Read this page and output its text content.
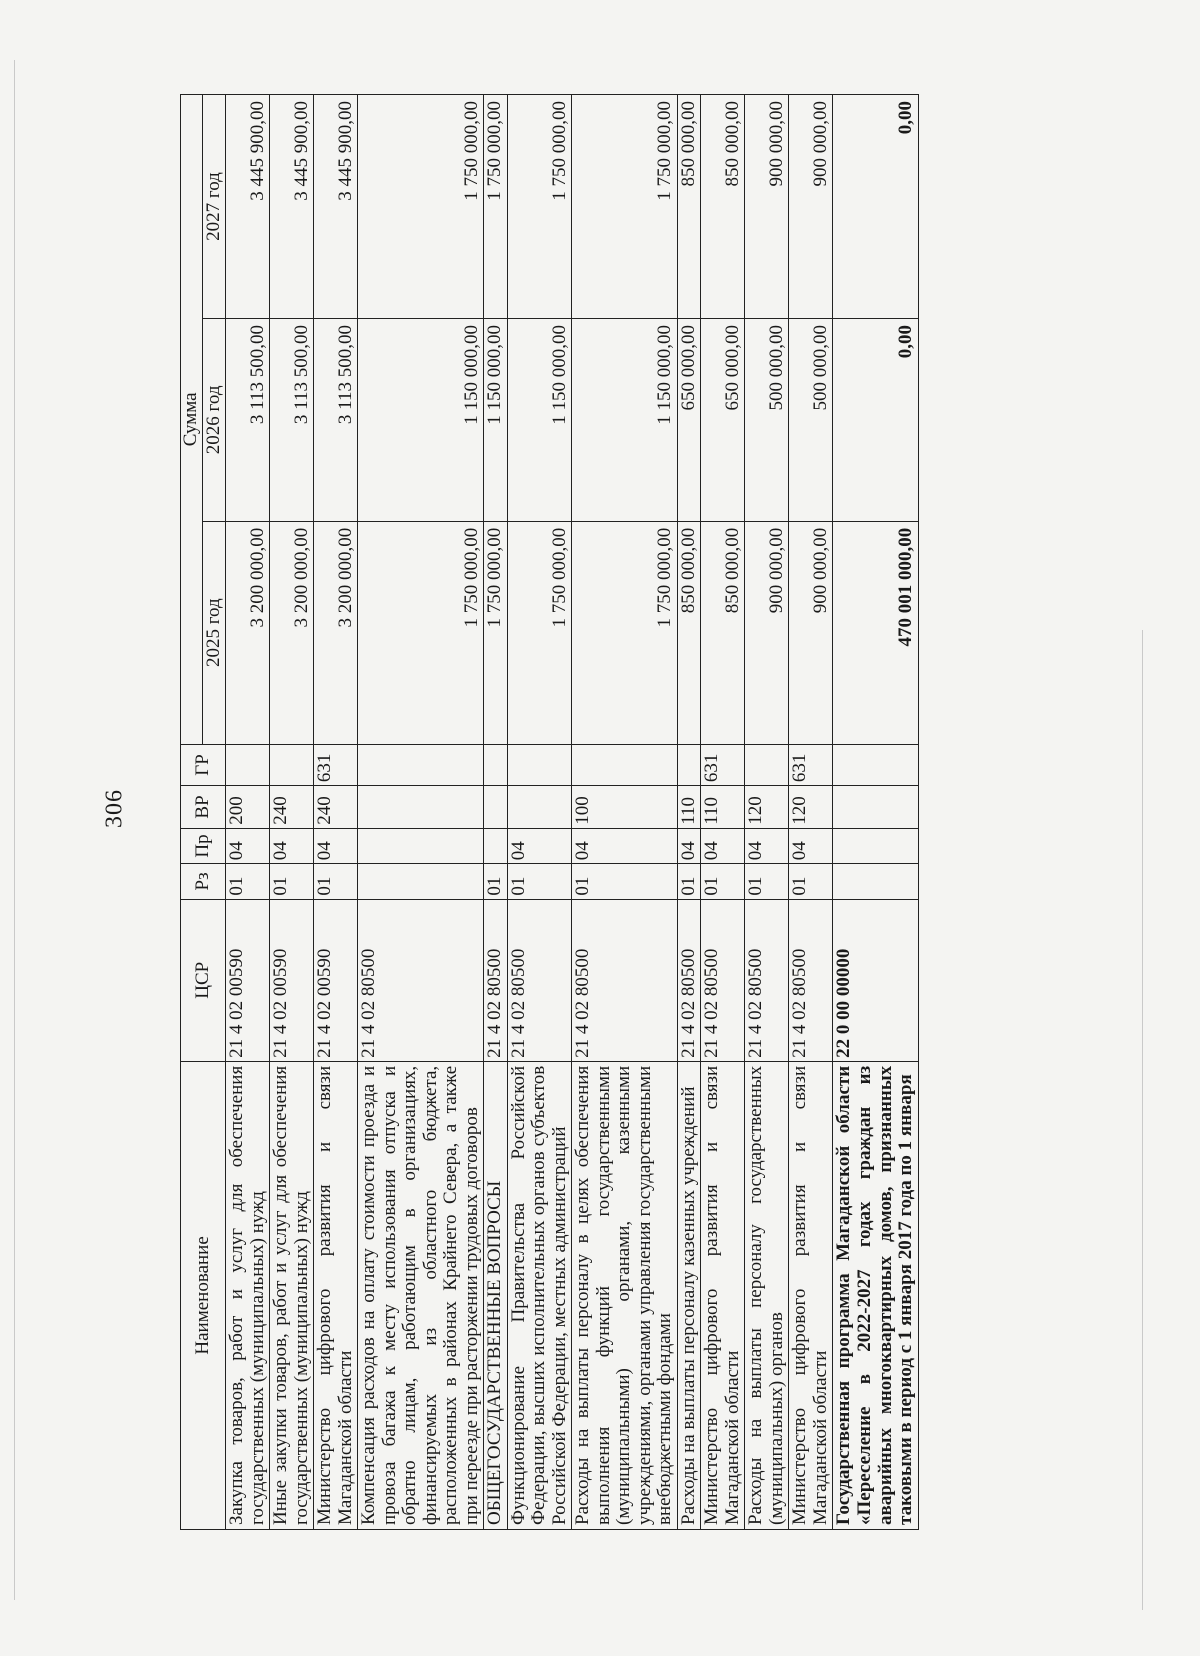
306
Наименование	ЦСР	Рз	Пр	ВР	ГР	Сумма		
						2025 год	2026 год	2027 год
Закупка товаров, работ и услуг для обеспечения государственных (муниципальных) нужд	21 4 02 00590	01	04	200		3 200 000,00	3 113 500,00	3 445 900,00
Иные закупки товаров, работ и услуг для обеспечения государственных (муниципальных) нужд	21 4 02 00590	01	04	240		3 200 000,00	3 113 500,00	3 445 900,00
Министерство цифрового развития и связи Магаданской области	21 4 02 00590	01	04	240	631	3 200 000,00	3 113 500,00	3 445 900,00
Компенсация расходов на оплату стоимости проезда и провоза багажа к месту использования отпуска и обратно лицам, работающим в организациях, финансируемых из областного бюджета, расположенных в районах Крайнего Севера, а также при переезде при расторжении трудовых договоров	21 4 02 80500					1 750 000,00	1 150 000,00	1 750 000,00
ОБЩЕГОСУДАРСТВЕННЫЕ ВОПРОСЫ	21 4 02 80500	01				1 750 000,00	1 150 000,00	1 750 000,00
Функционирование Правительства Российской Федерации, высших исполнительных органов субъектов Российской Федерации, местных администраций	21 4 02 80500	01	04			1 750 000,00	1 150 000,00	1 750 000,00
Расходы на выплаты персоналу в целях обеспечения выполнения функций государственными (муниципальными) органами, казенными учреждениями, органами управления государственными внебюджетными фондами	21 4 02 80500	01	04	100		1 750 000,00	1 150 000,00	1 750 000,00
Расходы на выплаты персоналу казенных учреждений	21 4 02 80500	01	04	110		850 000,00	650 000,00	850 000,00
Министерство цифрового развития и связи Магаданской области	21 4 02 80500	01	04	110	631	850 000,00	650 000,00	850 000,00
Расходы на выплаты персоналу государственных (муниципальных) органов	21 4 02 80500	01	04	120		900 000,00	500 000,00	900 000,00
Министерство цифрового развития и связи Магаданской области	21 4 02 80500	01	04	120	631	900 000,00	500 000,00	900 000,00
Государственная программа Магаданской области «Переселение в 2022-2027 годах граждан из аварийных многоквартирных домов, признанных таковыми в период с 1 января 2017 года по 1 января	22 0 00 00000					470 001 000,00	0,00	0,00
